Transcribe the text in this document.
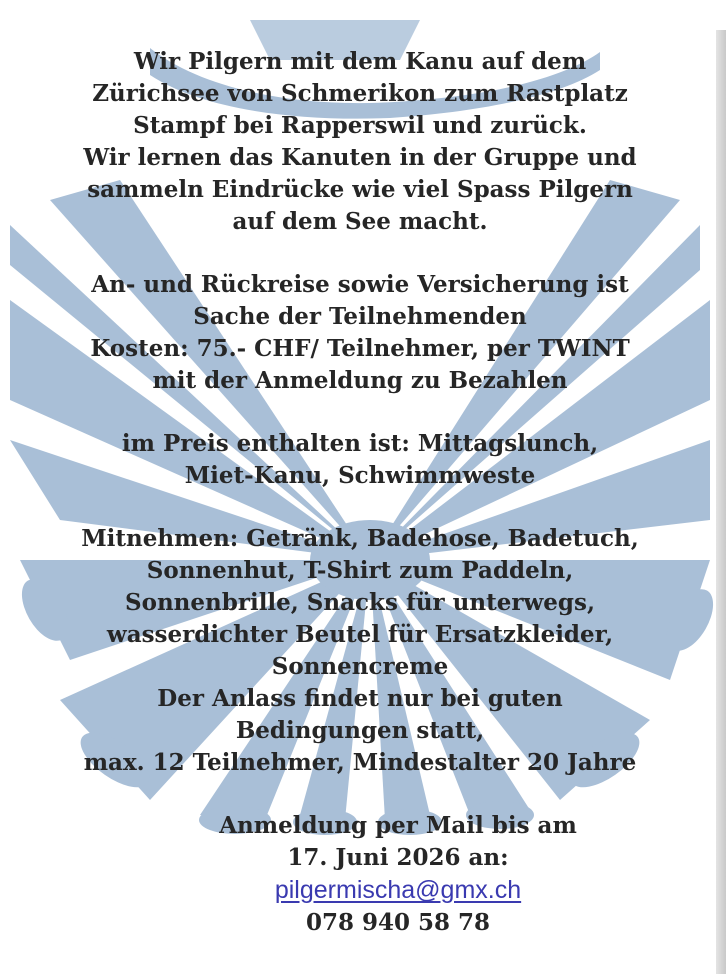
Wir Pilgern mit dem Kanu auf dem
Zürichsee von Schmerikon zum Rastplatz
Stampf bei Rapperswil und zurück.
Wir lernen das Kanuten in der Gruppe und
sammeln Eindrücke wie viel Spass Pilgern
auf dem See macht.

An- und Rückreise sowie Versicherung ist
Sache der Teilnehmenden
Kosten: 75.- CHF/ Teilnehmer, per TWINT
mit der Anmeldung zu Bezahlen

im Preis enthalten ist: Mittagslunch,
Miet-Kanu, Schwimmweste

Mitnehmen: Getränk, Badehose, Badetuch,
Sonnenhut, T-Shirt zum Paddeln,
Sonnenbrille, Snacks für unterwegs,
wasserdichter Beutel für Ersatzkleider,
Sonnencreme
Der Anlass findet nur bei guten
Bedingungen statt,
max. 12 Teilnehmer, Mindestalter 20 Jahre

Anmeldung per Mail bis am
17. Juni 2026 an:
pilgermischa@gmx.ch
078 940 58 78
